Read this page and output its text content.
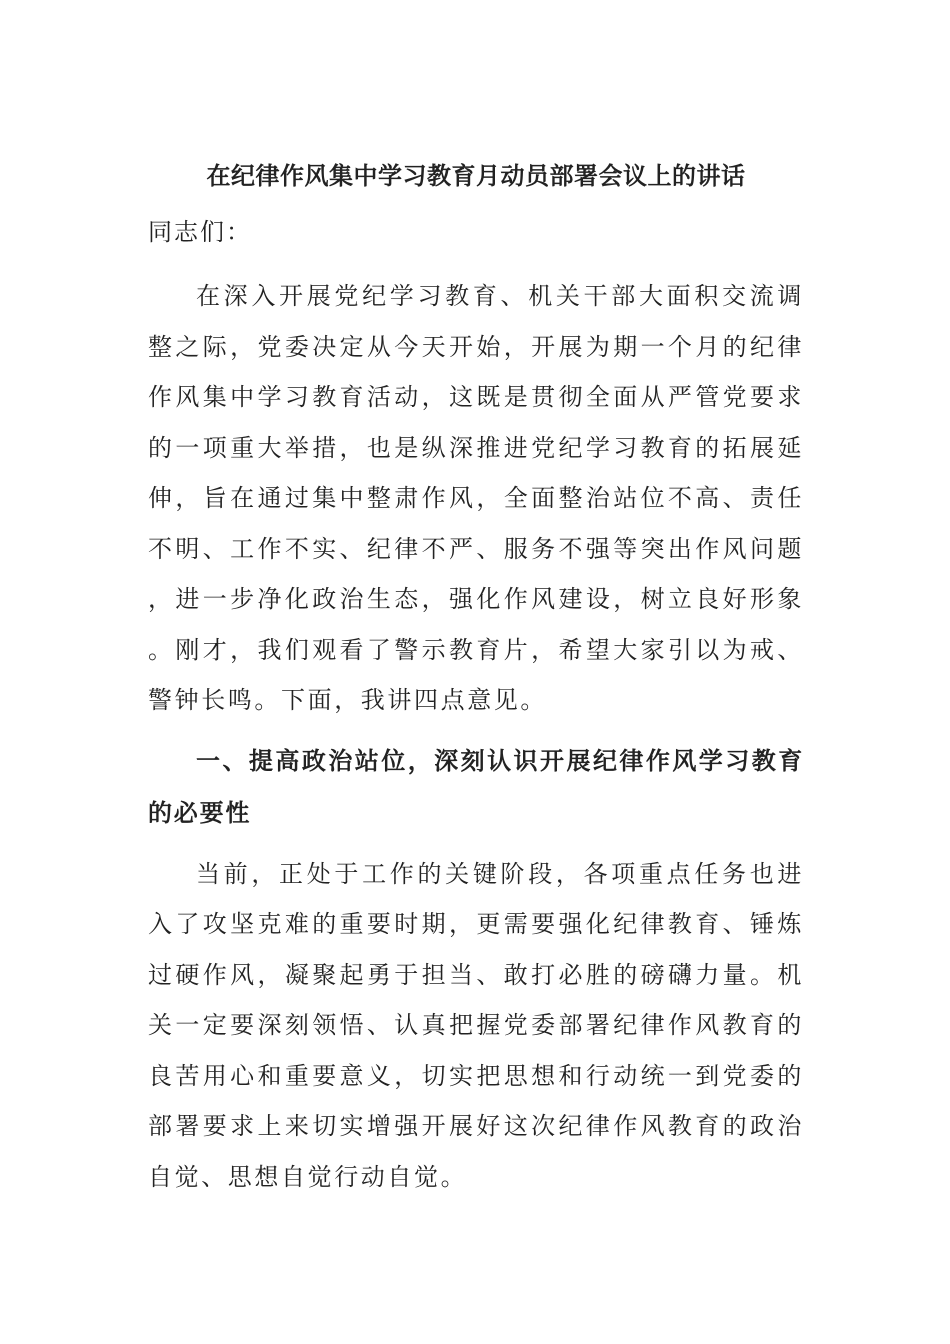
在纪律作风集中学习教育月动员部署会议上的讲话

同志们：

在深入开展党纪学习教育、机关干部大面积交流调整之际，党委决定从今天开始，开展为期一个月的纪律作风集中学习教育活动，这既是贯彻全面从严管党要求的一项重大举措，也是纵深推进党纪学习教育的拓展延伸，旨在通过集中整肃作风，全面整治站位不高、责任不明、工作不实、纪律不严、服务不强等突出作风问题，进一步净化政治生态，强化作风建设，树立良好形象。刚才，我们观看了警示教育片，希望大家引以为戒、警钟长鸣。下面，我讲四点意见。

一、提高政治站位，深刻认识开展纪律作风学习教育的必要性

当前，正处于工作的关键阶段，各项重点任务也进入了攻坚克难的重要时期，更需要强化纪律教育、锤炼过硬作风，凝聚起勇于担当、敢打必胜的磅礴力量。机关一定要深刻领悟、认真把握党委部署纪律作风教育的良苦用心和重要意义，切实把思想和行动统一到党委的部署要求上来切实增强开展好这次纪律作风教育的政治自觉、思想自觉行动自觉。
